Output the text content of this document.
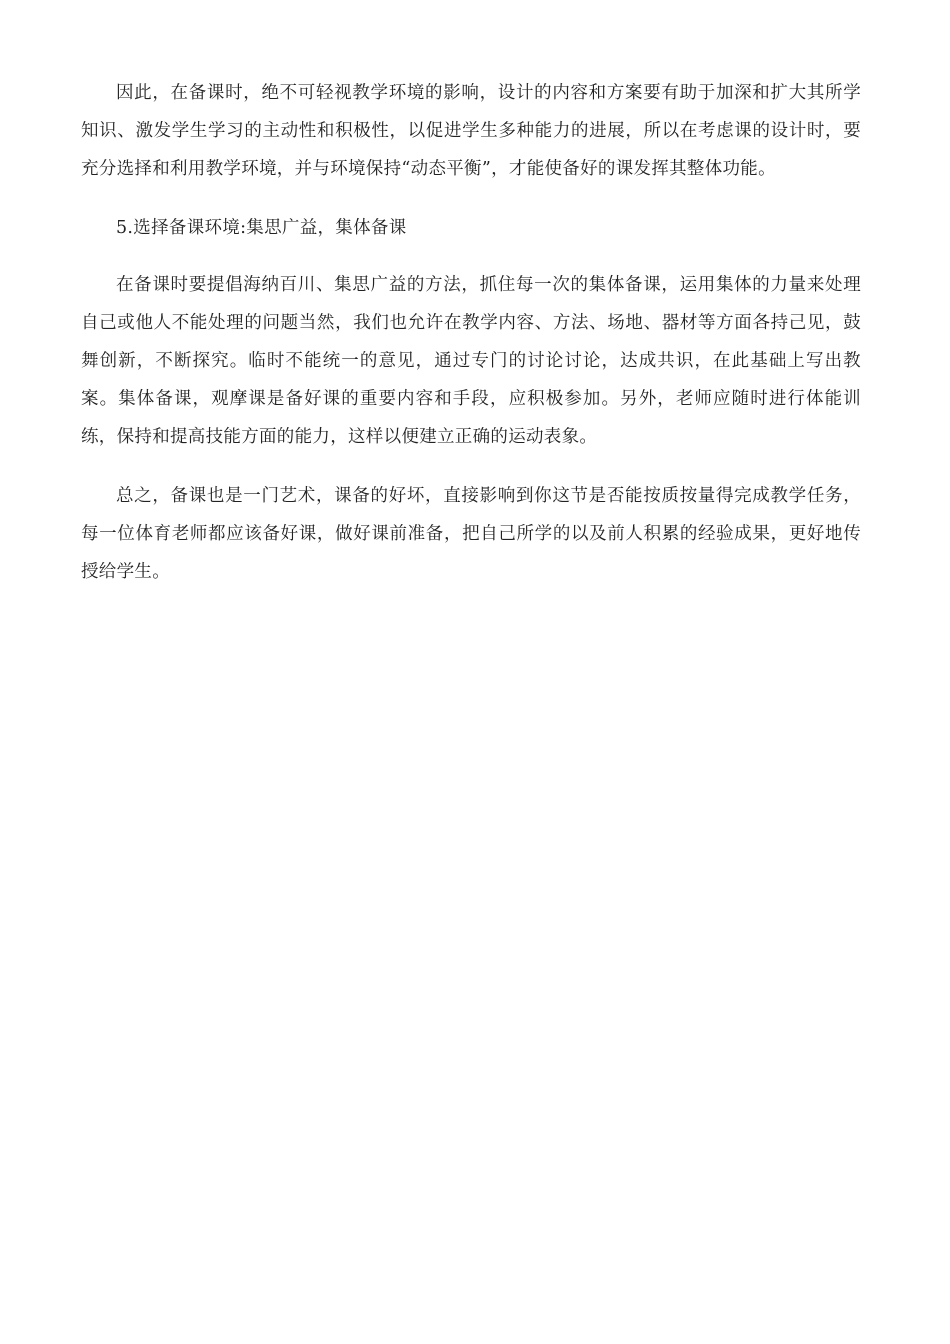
因此，在备课时，绝不可轻视教学环境的影响，设计的内容和方案要有助于加深和扩大其所学知识、激发学生学习的主动性和积极性，以促进学生多种能力的进展，所以在考虑课的设计时，要充分选择和利用教学环境，并与环境保持“动态平衡”，才能使备好的课发挥其整体功能。

5.选择备课环境:集思广益，集体备课

在备课时要提倡海纳百川、集思广益的方法，抓住每一次的集体备课，运用集体的力量来处理自己或他人不能处理的问题当然，我们也允许在教学内容、方法、场地、器材等方面各持己见，鼓舞创新，不断探究。临时不能统一的意见，通过专门的讨论讨论，达成共识，在此基础上写出教案。集体备课，观摩课是备好课的重要内容和手段，应积极参加。另外，老师应随时进行体能训练，保持和提高技能方面的能力，这样以便建立正确的运动表象。

总之，备课也是一门艺术，课备的好坏，直接影响到你这节是否能按质按量得完成教学任务，每一位体育老师都应该备好课，做好课前准备，把自己所学的以及前人积累的经验成果，更好地传授给学生。
